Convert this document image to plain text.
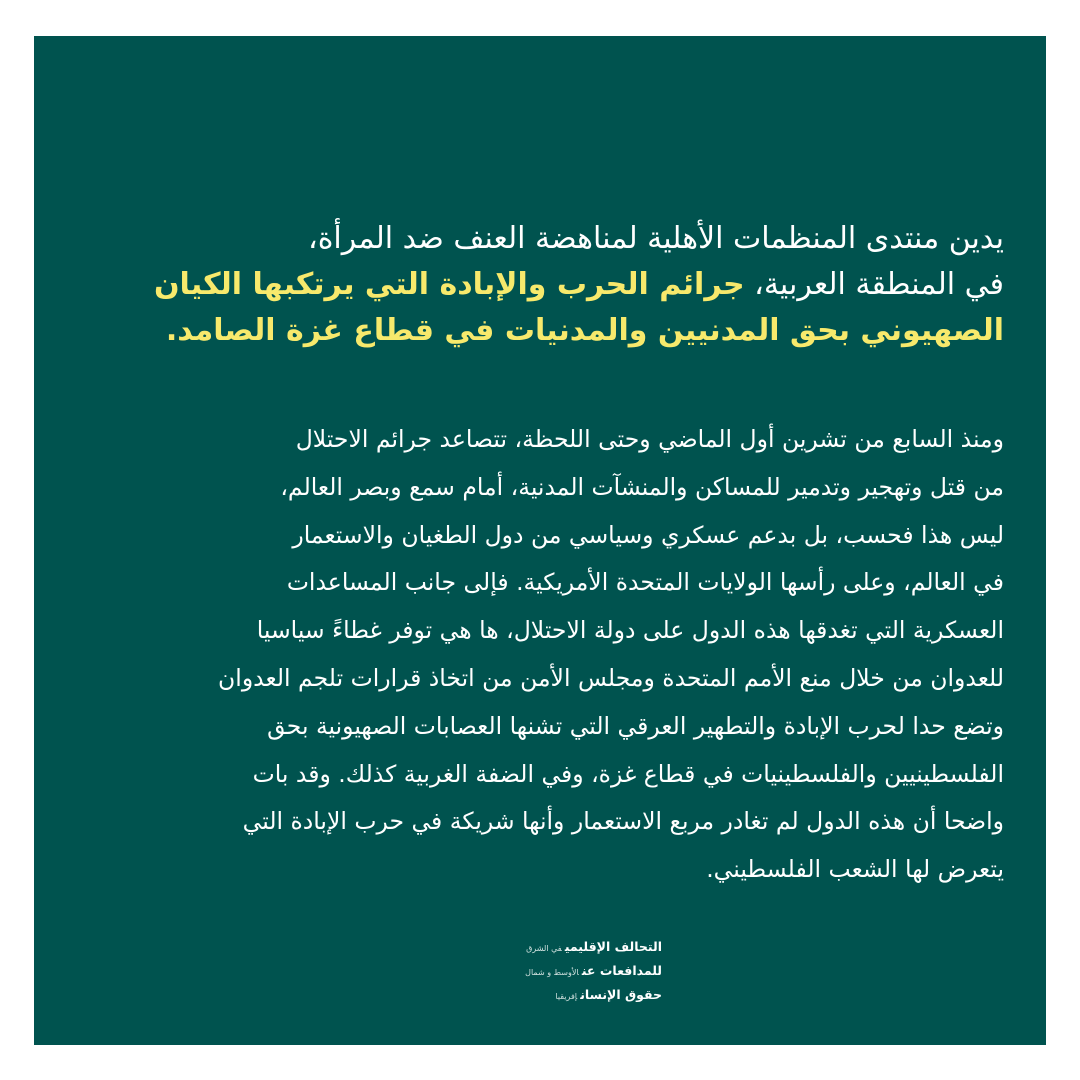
يدين منتدى المنظمات الأهلية لمناهضة العنف ضد المرأة،
في المنطقة العربية، جرائم الحرب والإبادة التي يرتكبها الكيان
الصهيوني بحق المدنيين والمدنيات في قطاع غزة الصامد.
ومنذ السابع من تشرين أول الماضي وحتى اللحظة، تتصاعد جرائم الاحتلال
من قتل وتهجير وتدمير للمساكن والمنشآت المدنية، أمام سمع وبصر العالم،
ليس هذا فحسب، بل بدعم عسكري وسياسي من دول الطغيان والاستعمار
في العالم، وعلى رأسها الولايات المتحدة الأمريكية. فإلى جانب المساعدات
العسكرية التي تغدقها هذه الدول على دولة الاحتلال، ها هي توفر غطاءً سياسيا
للعدوان من خلال منع الأمم المتحدة ومجلس الأمن من اتخاذ قرارات تلجم العدوان
وتضع حدا لحرب الإبادة والتطهير العرقي التي تشنها العصابات الصهيونية بحق
الفلسطينيين والفلسطينيات في قطاع غزة، وفي الضفة الغربية كذلك. وقد بات
واضحا أن هذه الدول لم تغادر مربع الاستعمار وأنها شريكة في حرب الإبادة التي
يتعرض لها الشعب الفلسطيني.
التحالف الإقليميفي الشرق
للمدافعات عنالأوسط و شمال
حقوق الإنسانإفريقيا
